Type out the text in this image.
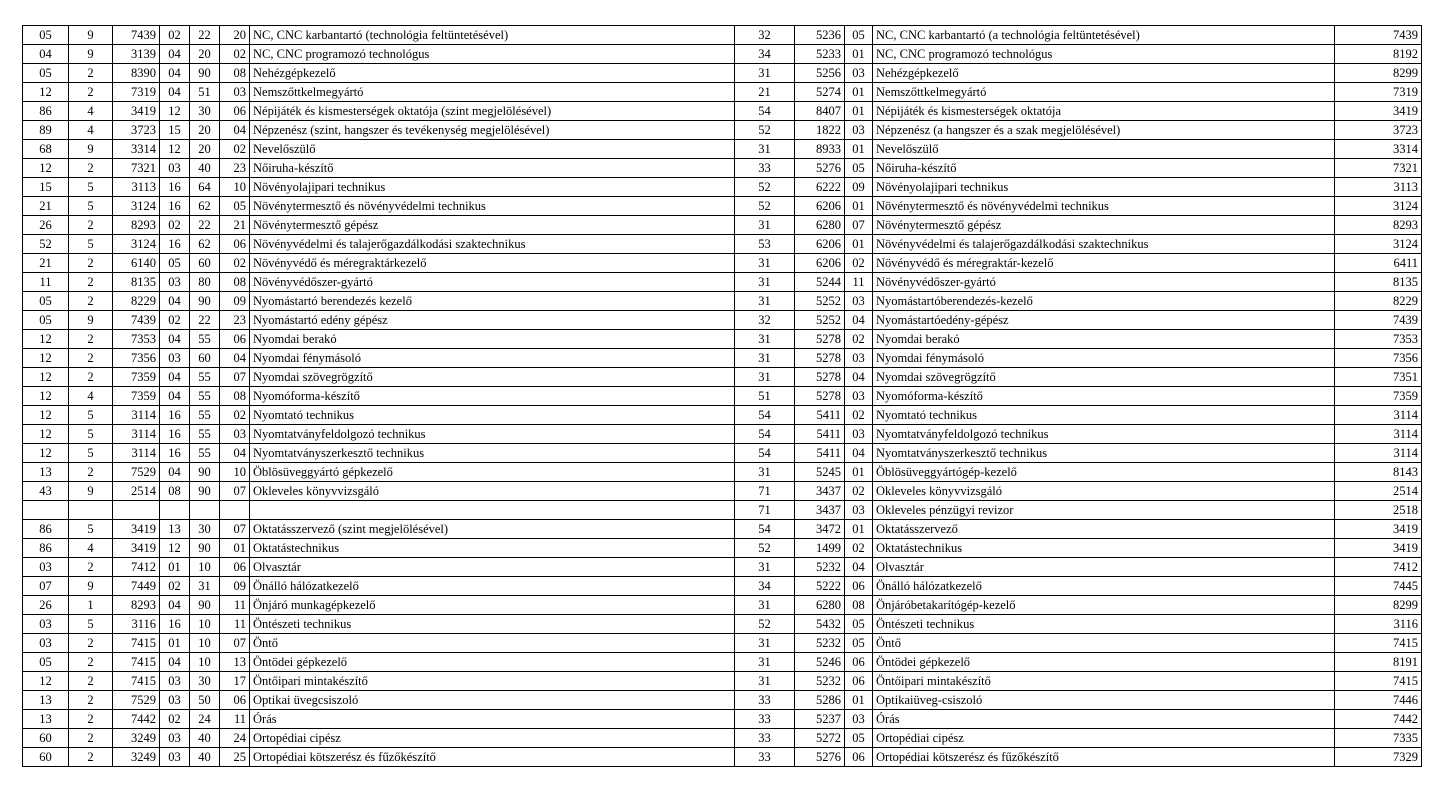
05	9	7439	02	22	20	NC, CNC karbantartó (technológia feltüntetésével)	32	5236	05	NC, CNC karbantartó (a technológia feltüntetésével)	7439
04	9	3139	04	20	02	NC, CNC programozó technológus	34	5233	01	NC, CNC programozó technológus	8192
05	2	8390	04	90	08	Nehézgépkezelő	31	5256	03	Nehézgépkezelő	8299
12	2	7319	04	51	03	Nemszőttkelmegyártó	21	5274	01	Nemszőttkelmegyártó	7319
86	4	3419	12	30	06	Népijáték és kismesterségek oktatója (szint megjelölésével)	54	8407	01	Népijáték és kismesterségek oktatója	3419
89	4	3723	15	20	04	Népzenész (szint, hangszer és tevékenység megjelölésével)	52	1822	03	Népzenész (a hangszer és a szak megjelölésével)	3723
68	9	3314	12	20	02	Nevelőszülő	31	8933	01	Nevelőszülő	3314
12	2	7321	03	40	23	Nőiruha-készítő	33	5276	05	Nőiruha-készítő	7321
15	5	3113	16	64	10	Növényolajipari technikus	52	6222	09	Növényolajipari technikus	3113
21	5	3124	16	62	05	Növénytermesztő és növényvédelmi technikus	52	6206	01	Növénytermesztő és növényvédelmi technikus	3124
26	2	8293	02	22	21	Növénytermesztő gépész	31	6280	07	Növénytermesztő gépész	8293
52	5	3124	16	62	06	Növényvédelmi és talajerőgazdálkodási szaktechnikus	53	6206	01	Növényvédelmi és talajerőgazdálkodási szaktechnikus	3124
21	2	6140	05	60	02	Növényvédő és méregraktárkezelő	31	6206	02	Növényvédő és méregraktár-kezelő	6411
11	2	8135	03	80	08	Növényvédőszer-gyártó	31	5244	11	Növényvédőszer-gyártó	8135
05	2	8229	04	90	09	Nyomástartó berendezés kezelő	31	5252	03	Nyomástartóberendezés-kezelő	8229
05	9	7439	02	22	23	Nyomástartó edény gépész	32	5252	04	Nyomástartóedény-gépész	7439
12	2	7353	04	55	06	Nyomdai berakó	31	5278	02	Nyomdai berakó	7353
12	2	7356	03	60	04	Nyomdai fénymásoló	31	5278	03	Nyomdai fénymásoló	7356
12	2	7359	04	55	07	Nyomdai szövegrögzítő	31	5278	04	Nyomdai szövegrögzítő	7351
12	4	7359	04	55	08	Nyomóforma-készítő	51	5278	03	Nyomóforma-készítő	7359
12	5	3114	16	55	02	Nyomtató technikus	54	5411	02	Nyomtató technikus	3114
12	5	3114	16	55	03	Nyomtatványfeldolgozó technikus	54	5411	03	Nyomtatványfeldolgozó technikus	3114
12	5	3114	16	55	04	Nyomtatványszerkesztő technikus	54	5411	04	Nyomtatványszerkesztő technikus	3114
13	2	7529	04	90	10	Öblösüveggyártó gépkezelő	31	5245	01	Öblösüveggyártógép-kezelő	8143
43	9	2514	08	90	07	Okleveles könyvvizsgáló	71	3437	02	Okleveles könyvvizsgáló	2514
							71	3437	03	Okleveles pénzügyi revizor	2518
86	5	3419	13	30	07	Oktatásszervező (szint megjelölésével)	54	3472	01	Oktatásszervező	3419
86	4	3419	12	90	01	Oktatástechnikus	52	1499	02	Oktatástechnikus	3419
03	2	7412	01	10	06	Olvasztár	31	5232	04	Olvasztár	7412
07	9	7449	02	31	09	Önálló hálózatkezelő	34	5222	06	Önálló hálózatkezelő	7445
26	1	8293	04	90	11	Önjáró munkagépkezelő	31	6280	08	Önjáróbetakarítógép-kezelő	8299
03	5	3116	16	10	11	Öntészeti technikus	52	5432	05	Öntészeti technikus	3116
03	2	7415	01	10	07	Öntő	31	5232	05	Öntő	7415
05	2	7415	04	10	13	Öntödei gépkezelő	31	5246	06	Öntödei gépkezelő	8191
12	2	7415	03	30	17	Öntőipari mintakészítő	31	5232	06	Öntőipari mintakészítő	7415
13	2	7529	03	50	06	Optikai üvegcsiszoló	33	5286	01	Optikaiüveg-csiszoló	7446
13	2	7442	02	24	11	Órás	33	5237	03	Órás	7442
60	2	3249	03	40	24	Ortopédiai cipész	33	5272	05	Ortopédiai cipész	7335
60	2	3249	03	40	25	Ortopédiai kötszerész és fűzőkészítő	33	5276	06	Ortopédiai kötszerész és fűzőkészítő	7329
